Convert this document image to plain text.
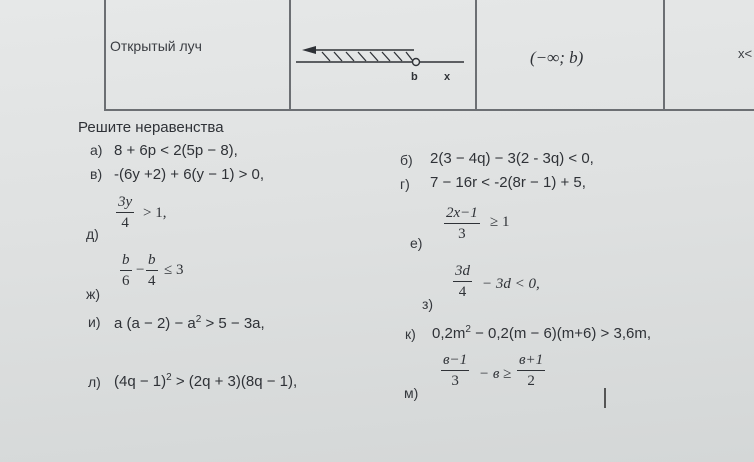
Открытый луч
b x
(−∞; b)	x<
Решите неравенства
а) 8 + 6p < 2(5p − 8),
б) 2(3 − 4q) − 3(2 - 3q) < 0,
в) -(6y +2) + 6(y − 1) > 0,
г) 7 − 16r < -2(8r − 1) + 5,
д)
3y
4
> 1,
е)
2x−1
3
≥ 1
ж)
b
6
−
b
4
≤ 3
з)
3d
4
− 3d < 0,
и) a $(a - 2) - a^2 > 5 - 3a$,
к) $0,2m^2 - 0,2(m - 6)(m+6) > 3,6m$,
л) $(4q - 1)^2 > (2q + 3)(8q - 1)$,
м)
в−1
3 − в ≥
в+1
2
